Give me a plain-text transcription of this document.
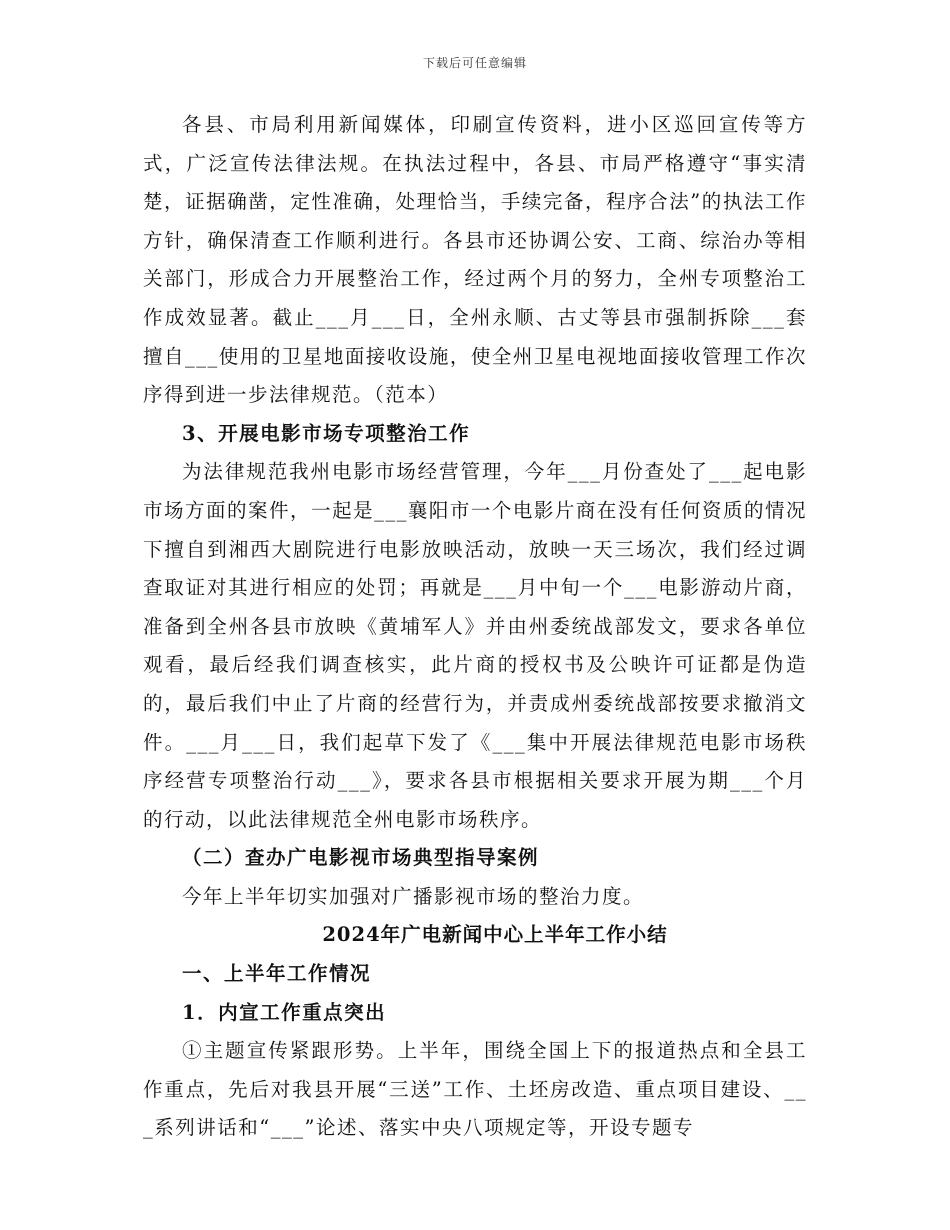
下载后可任意编辑

各县、市局利用新闻媒体，印刷宣传资料，进小区巡回宣传等方式，广泛宣传法律法规。在执法过程中，各县、市局严格遵守“事实清楚，证据确凿，定性准确，处理恰当，手续完备，程序合法”的执法工作方针，确保清查工作顺利进行。各县市还协调公安、工商、综治办等相关部门，形成合力开展整治工作，经过两个月的努力，全州专项整治工作成效显著。截止___月___日，全州永顺、古丈等县市强制拆除___套擅自___使用的卫星地面接收设施，使全州卫星电视地面接收管理工作次序得到进一步法律规范。（范本）

3、开展电影市场专项整治工作

为法律规范我州电影市场经营管理，今年___月份查处了___起电影市场方面的案件，一起是___襄阳市一个电影片商在没有任何资质的情况下擅自到湘西大剧院进行电影放映活动，放映一天三场次，我们经过调查取证对其进行相应的处罚；再就是___月中旬一个___电影游动片商，准备到全州各县市放映《黄埔军人》并由州委统战部发文，要求各单位观看，最后经我们调查核实，此片商的授权书及公映许可证都是伪造的，最后我们中止了片商的经营行为，并责成州委统战部按要求撤消文件。___月___日，我们起草下发了《___集中开展法律规范电影市场秩序经营专项整治行动___》，要求各县市根据相关要求开展为期___个月的行动，以此法律规范全州电影市场秩序。

（二）查办广电影视市场典型指导案例

今年上半年切实加强对广播影视市场的整治力度。

2024年广电新闻中心上半年工作小结

一、上半年工作情况

1．内宣工作重点突出

①主题宣传紧跟形势。上半年，围绕全国上下的报道热点和全县工作重点，先后对我县开展“三送”工作、土坯房改造、重点项目建设、___系列讲话和“___”论述、落实中央八项规定等，开设专题专
